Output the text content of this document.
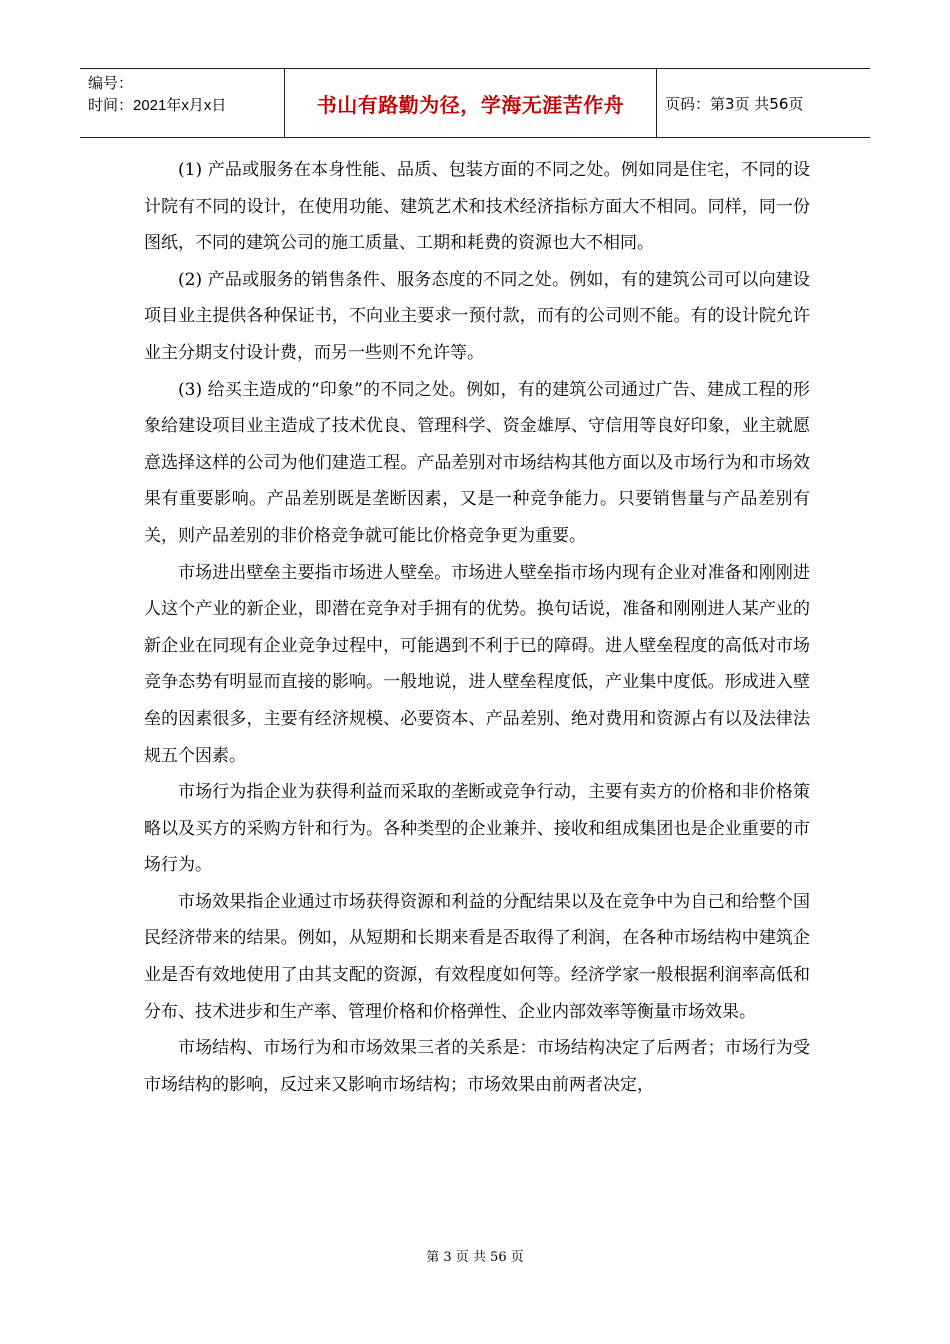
编号：
时间：2021年x月x日	书山有路勤为径，学海无涯苦作舟	页码：第3页 共56页

(1) 产品或服务在本身性能、品质、包装方面的不同之处。例如同是住宅，不同的设计院有不同的设计，在使用功能、建筑艺术和技术经济指标方面大不相同。同样，同一份图纸，不同的建筑公司的施工质量、工期和耗费的资源也大不相同。

(2) 产品或服务的销售条件、服务态度的不同之处。例如，有的建筑公司可以向建设项目业主提供各种保证书，不向业主要求一预付款，而有的公司则不能。有的设计院允许业主分期支付设计费，而另一些则不允许等。

(3) 给买主造成的“印象”的不同之处。例如，有的建筑公司通过广告、建成工程的形象给建设项目业主造成了技术优良、管理科学、资金雄厚、守信用等良好印象，业主就愿意选择这样的公司为他们建造工程。产品差别对市场结构其他方面以及市场行为和市场效果有重要影响。产品差别既是垄断因素，又是一种竞争能力。只要销售量与产品差别有关，则产品差别的非价格竞争就可能比价格竞争更为重要。

市场进出壁垒主要指市场进人壁垒。市场进人壁垒指市场内现有企业对准备和刚刚进人这个产业的新企业，即潜在竞争对手拥有的优势。换句话说，准备和刚刚进人某产业的新企业在同现有企业竞争过程中，可能遇到不利于已的障碍。进人壁垒程度的高低对市场竞争态势有明显而直接的影响。一般地说，进人壁垒程度低，产业集中度低。形成进入壁垒的因素很多，主要有经济规模、必要资本、产品差别、绝对费用和资源占有以及法律法规五个因素。

市场行为指企业为获得利益而采取的垄断或竞争行动，主要有卖方的价格和非价格策略以及买方的采购方针和行为。各种类型的企业兼并、接收和组成集团也是企业重要的市场行为。

市场效果指企业通过市场获得资源和利益的分配结果以及在竞争中为自己和给整个国民经济带来的结果。例如，从短期和长期来看是否取得了利润，在各种市场结构中建筑企业是否有效地使用了由其支配的资源，有效程度如何等。经济学家一般根据利润率高低和分布、技术进步和生产率、管理价格和价格弹性、企业内部效率等衡量市场效果。

市场结构、市场行为和市场效果三者的关系是：市场结构决定了后两者；市场行为受市场结构的影响，反过来又影响市场结构；市场效果由前两者决定，

第 3 页 共 56 页
